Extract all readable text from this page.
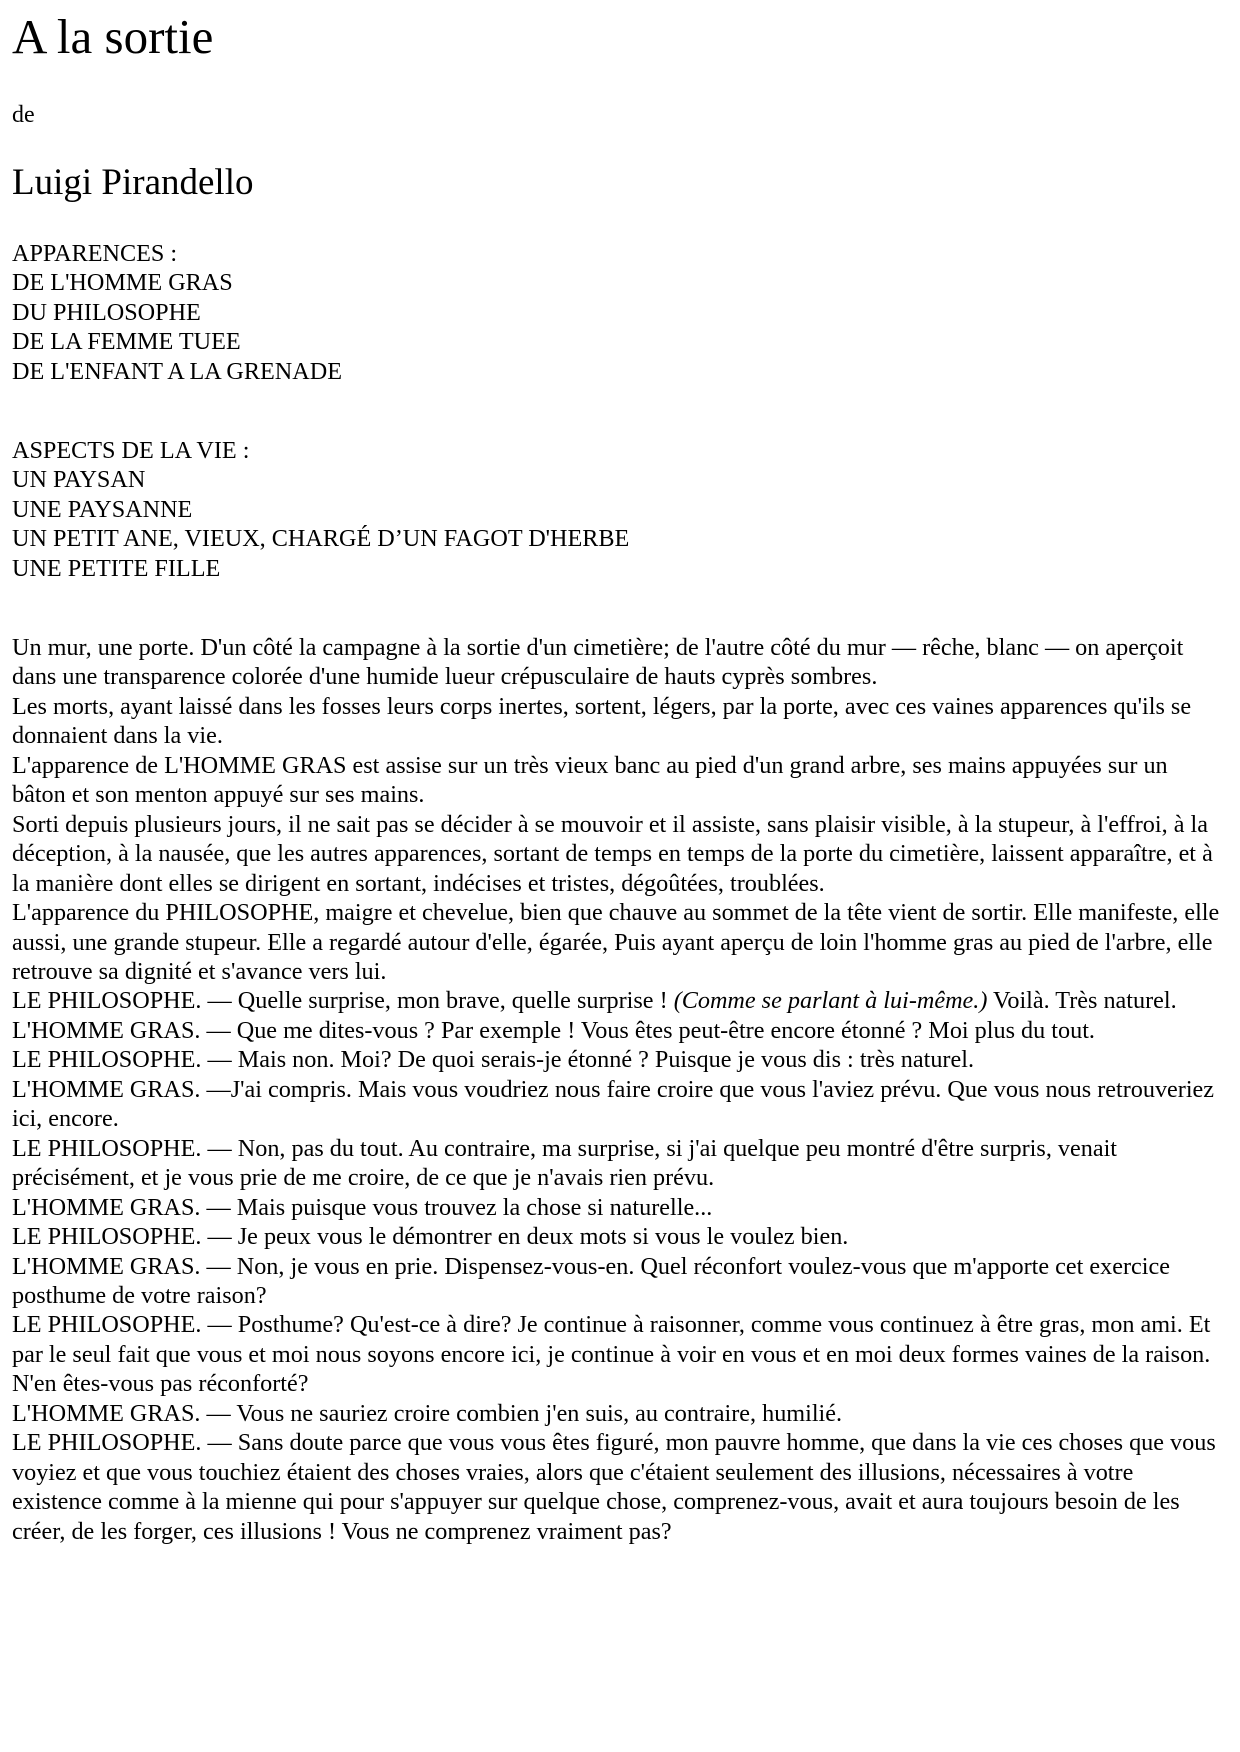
A la sortie

de

Luigi Pirandello
APPARENCES :
DE L'HOMME GRAS
DU PHILOSOPHE
DE LA FEMME TUEE
DE L'ENFANT A LA GRENADE
ASPECTS DE LA VIE :
UN PAYSAN
UNE PAYSANNE
UN PETIT ANE, VIEUX, CHARGÉ D’UN FAGOT D'HERBE
UNE PETITE FILLE

Un mur, une porte. D'un côté la campagne à la sortie d'un cimetière; de l'autre côté du mur — rêche, blanc — on aperçoit dans une transparence colorée d'une humide lueur crépusculaire de hauts cyprès sombres.

Les morts, ayant laissé dans les fosses leurs corps inertes, sortent, légers, par la porte, avec ces vaines apparences qu'ils se donnaient dans la vie.

L'apparence de L'HOMME GRAS est assise sur un très vieux banc au pied d'un grand arbre, ses mains appuyées sur un bâton et son menton appuyé sur ses mains.

Sorti depuis plusieurs jours, il ne sait pas se décider à se mouvoir et il assiste, sans plaisir visible, à la stupeur, à l'effroi, à la déception, à la nausée, que les autres apparences, sortant de temps en temps de la porte du cimetière, laissent apparaître, et à la manière dont elles se dirigent en sortant, indécises et tristes, dégoûtées, troublées.

L'apparence du PHILOSOPHE, maigre et chevelue, bien que chauve au sommet de la tête vient de sortir. Elle manifeste, elle aussi, une grande stupeur. Elle a regardé autour d'elle, égarée, Puis ayant aperçu de loin l'homme gras au pied de l'arbre, elle retrouve sa dignité et s'avance vers lui.

LE PHILOSOPHE. — Quelle surprise, mon brave, quelle surprise ! (Comme se parlant à lui-même.) Voilà. Très naturel.

L'HOMME GRAS. — Que me dites-vous ? Par exemple ! Vous êtes peut-être encore étonné ? Moi plus du tout.

LE PHILOSOPHE. — Mais non. Moi? De quoi serais-je étonné ? Puisque je vous dis : très naturel.

L'HOMME GRAS. —J'ai compris. Mais vous voudriez nous faire croire que vous l'aviez prévu. Que vous nous retrouveriez ici, encore.

LE PHILOSOPHE. — Non, pas du tout. Au contraire, ma surprise, si j'ai quelque peu montré d'être surpris, venait précisément, et je vous prie de me croire, de ce que je n'avais rien prévu.

L'HOMME GRAS. — Mais puisque vous trouvez la chose si naturelle...

LE PHILOSOPHE. — Je peux vous le démontrer en deux mots si vous le voulez bien.

L'HOMME GRAS. — Non, je vous en prie. Dispensez-vous-en. Quel réconfort voulez-vous que m'apporte cet exercice posthume de votre raison?

LE PHILOSOPHE. — Posthume? Qu'est-ce à dire? Je continue à raisonner, comme vous continuez à être gras, mon ami. Et par le seul fait que vous et moi nous soyons encore ici, je continue à voir en vous et en moi deux formes vaines de la raison. N'en êtes-vous pas réconforté?

L'HOMME GRAS. — Vous ne sauriez croire combien j'en suis, au contraire, humilié.

LE PHILOSOPHE. — Sans doute parce que vous vous êtes figuré, mon pauvre homme, que dans la vie ces choses que vous voyiez et que vous touchiez étaient des choses vraies, alors que c'étaient seulement des illusions, nécessaires à votre existence comme à la mienne qui pour s'appuyer sur quelque chose, comprenez-vous, avait et aura toujours besoin de les créer, de les forger, ces illusions ! Vous ne comprenez vraiment pas?
